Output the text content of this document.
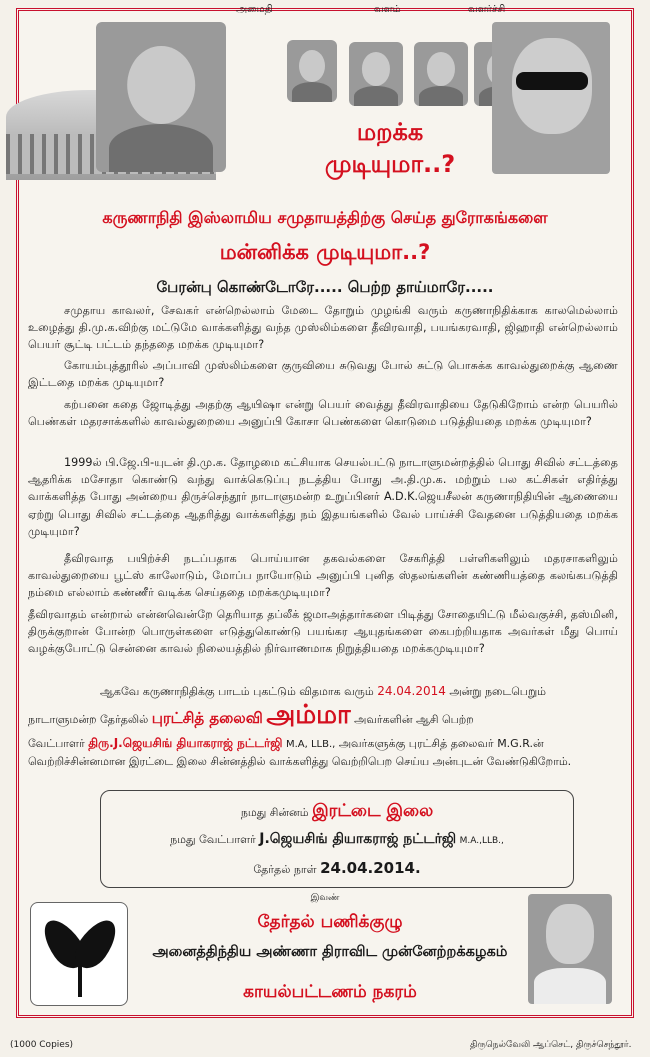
அமைதி	வளம்	வளர்ச்சி
மறக்க
முடியுமா..?
கருணாநிதி இஸ்லாமிய சமுதாயத்திற்கு செய்த துரோகங்களை
மன்னிக்க முடியுமா..?
பேரன்பு கொண்டோரே..... பெற்ற தாய்மாரே.....
சமுதாய காவலர், சேவகர் என்றெல்லாம் மேடை தோறும் முழங்கி வரும் கருணாநிதிக்காக காலமெல்லாம் உழைத்து தி.மு.க.விற்கு மட்டுமே வாக்களித்து வந்த முஸ்லிம்களை தீவிரவாதி, பயங்கரவாதி, ஜிஹாதி என்றெல்லாம் பெயர் சூட்டி பட்டம் தந்ததை மறக்க முடியுமா?
கோயம்புத்தூரில் அப்பாவி முஸ்லிம்களை குருவியை சுடுவது போல் சுட்டு பொசுக்க காவல்துறைக்கு ஆணை இட்டதை மறக்க முடியுமா?
கற்பனை கதை ஜோடித்து அதற்கு ஆயிஷா என்று பெயர் வைத்து தீவிரவாதியை தேடுகிறோம் என்ற பெயரில் பெண்கள் மதரசாக்களில் காவல்துறையை அனுப்பி கோசா பெண்களை கொடுமை படுத்தியதை மறக்க முடியுமா?
1999ல் பி.ஜே.பி-யுடன் தி.மு.க. தோழமை கட்சியாக செயல்பட்டு நாடாளுமன்றத்தில் பொது சிவில் சட்டத்தை ஆதரிக்க மசோதா கொண்டு வந்து வாக்கெடுப்பு நடத்திய போது அ.தி.மு.க. மற்றும் பல கட்சிகள் எதிர்த்து வாக்களித்த போது அன்றைய திருச்செந்தூர் நாடாளுமன்ற உறுப்பினர் A.D.K.ஜெயசீலன் கருணாநிதியின் ஆணையை ஏற்று பொது சிவில் சட்டத்தை ஆதரித்து வாக்களித்து நம் இதயங்களில் வேல் பாய்ச்சி வேதனை படுத்தியதை மறக்க முடியுமா?
தீவிரவாத பயிற்ச்சி நடப்பதாக பொய்யான தகவல்களை சேகரித்தி பள்ளிகளிலும் மதரசாகளிலும் காவல்துறையை பூட்ஸ் காலோடும், மோப்ப நாயோடும் அனுப்பி புனித ஸ்தலங்களின் கண்ணியத்தை கலங்கபடுத்தி நம்மை எல்லாம் கண்ணீர் வடிக்க செய்ததை மறக்கமுடியுமா?
தீவிரவாதம் என்றால் என்னவென்றே தெரியாத தப்லீக் ஜமாஅத்தார்களை பிடித்து சோதையிட்டு மீல்வகுச்சி, தஸ்மினி, திருக்குறான் போன்ற பொருள்களை எடுத்துகொண்டு பயங்கர ஆயுதங்களை கைபற்றியதாக அவர்கள் மீது பொய் வழக்குபோட்டு சென்னை காவல் நிலையத்தில் நிர்வாணமாக நிறுத்தியதை மறக்கமுடியுமா?
ஆகவே கருணாநிதிக்கு பாடம் புகட்டும் விதமாக வரும் 24.04.2014 அன்று நடைபெறும்
நாடாளுமன்ற தேர்தலில் புரட்சித் தலைவி அம்மா அவர்களின் ஆசி பெற்ற
வேட்பாளர் திரு.J.ஜெயசிங் தியாகராஜ் நட்டர்ஜி M.A, LLB., அவர்களுக்கு புரட்சித் தலைவர் M.G.R.ன் வெற்றிச்சின்னமான இரட்டை இலை சின்னத்தில் வாக்களித்து வெற்றிபெற செய்ய அன்புடன் வேண்டுகிறோம்.
நமது சின்னம் இரட்டை இலை
நமது வேட்பாளர் J.ஜெயசிங் தியாகராஜ் நட்டர்ஜி M.A.,LLB.,
தேர்தல் நாள் 24.04.2014.
இவண்
தேர்தல் பணிக்குழு
அனைத்திந்திய அண்ணா திராவிட முன்னேற்றக்கழகம்
காயல்பட்டணம் நகரம்
(1000 Copies)	திருநெல்வேலி ஆப்செட், திருச்செந்தூர்.
